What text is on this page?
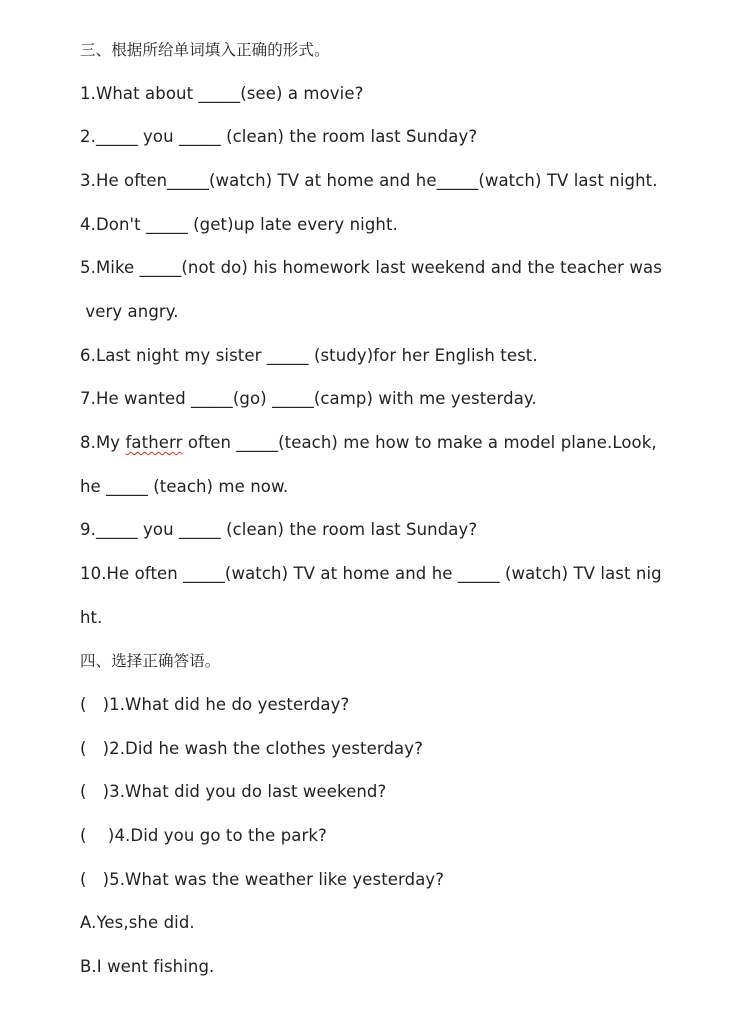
三、根据所给单词填入正确的形式。
1.What about _____(see) a movie?
2._____ you _____ (clean) the room last Sunday?
3.He often_____(watch) TV at home and he_____(watch) TV last night.
4.Don't _____ (get)up late every night.
5.Mike _____(not do) his homework last weekend and the teacher was
very angry.
6.Last night my sister _____ (study)for her English test.
7.He wanted _____(go) _____(camp) with me yesterday.
8.My fatherr often _____(teach) me how to make a model plane.Look,
he _____ (teach) me now.
9._____ you _____ (clean) the room last Sunday?
10.He often _____(watch) TV at home and he _____ (watch) TV last nig
ht.
四、选择正确答语。
(   )1.What did he do yesterday?
(   )2.Did he wash the clothes yesterday?
(   )3.What did you do last weekend?
(    )4.Did you go to the park?
(   )5.What was the weather like yesterday?
A.Yes,she did.
B.I went fishing.
